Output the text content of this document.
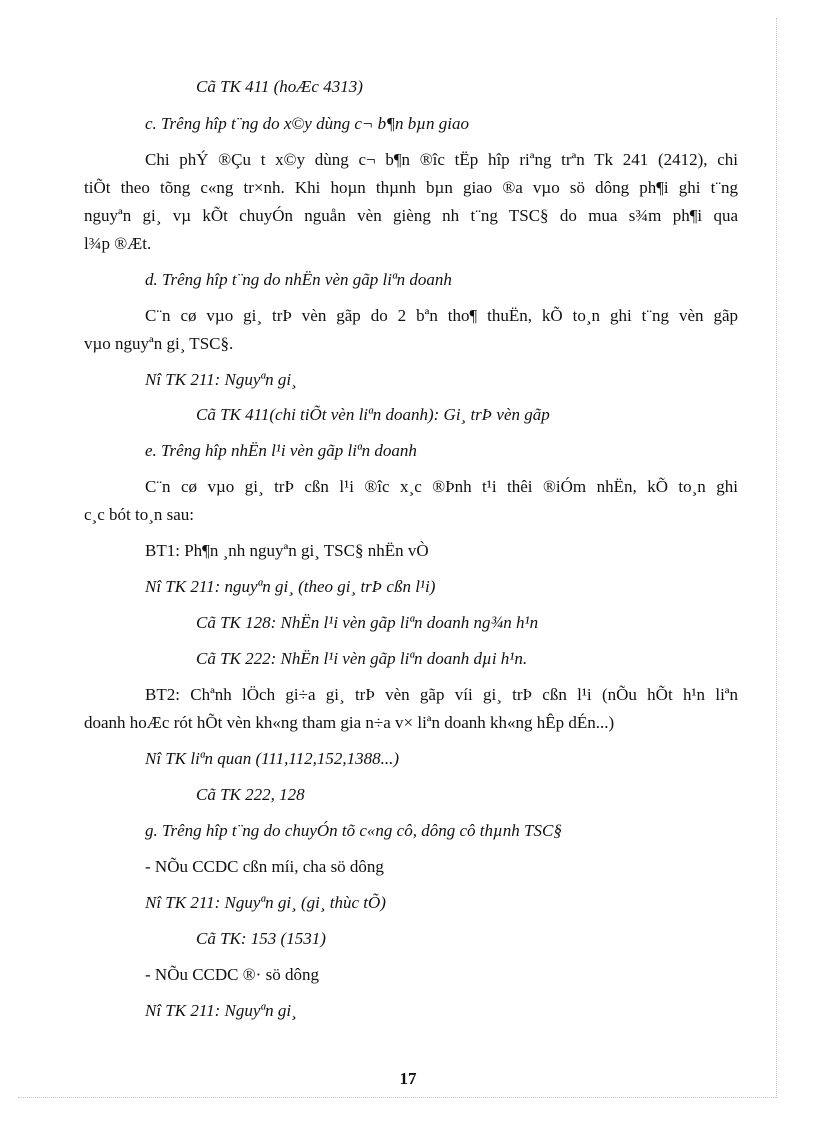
Cã TK 411 (hoÆc 4313)
c. Trêng hîp t¨ng do x©y dùng c¬ b¶n bµn giao
Chi phÝ ®Çu t x©y dùng c¬ b¶n ®îc tËp hîp riªng trªn Tk 241 (2412), chi
tiÕt theo tõng c«ng tr×nh. Khi hoµn thµnh bµn giao ®a vµo sö dông ph¶i ghi t¨ng
nguyªn gi¸ vµ kÕt chuyÓn nguån vèn gièng nh t¨ng TSC§ do mua s¾m ph¶i qua
l¾p ®Æt.
d. Trêng hîp t¨ng do nhËn vèn gãp liªn doanh
C¨n cø vµo gi¸ trÞ vèn gãp do 2 bªn tho¶ thuËn, kÕ to¸n ghi t¨ng vèn gãp
vµo nguyªn gi¸ TSC§.
Nî TK 211: Nguyªn gi¸
Cã TK 411(chi tiÕt vèn liªn doanh): Gi¸ trÞ vèn gãp
e. Trêng hîp nhËn l¹i vèn gãp liªn doanh
C¨n cø vµo gi¸ trÞ cßn l¹i ®îc x¸c ®Þnh t¹i thêi ®iÓm nhËn, kÕ to¸n ghi
c¸c bót to¸n sau:
BT1: Ph¶n ¸nh nguyªn gi¸ TSC§ nhËn vÒ
Nî TK 211: nguyªn gi¸ (theo gi¸ trÞ cßn l¹i)
Cã TK 128: NhËn l¹i vèn gãp liªn doanh ng¾n h¹n
Cã TK 222: NhËn l¹i vèn gãp liªn doanh dµi h¹n.
BT2: Chªnh lÖch gi÷a gi¸ trÞ vèn gãp víi gi¸ trÞ cßn l¹i (nÕu hÕt h¹n liªn
doanh hoÆc rót hÕt vèn kh«ng tham gia n÷a v× liªn doanh kh«ng hÊp dÉn...)
Nî TK liªn quan (111,112,152,1388...)
Cã TK 222, 128
g. Trêng hîp t¨ng do chuyÓn tõ c«ng cô, dông cô thµnh TSC§
- NÕu CCDC cßn míi, cha sö dông
Nî TK 211: Nguyªn gi¸ (gi¸ thùc tÕ)
Cã TK: 153 (1531)
- NÕu CCDC ®· sö dông
Nî TK 211: Nguyªn gi¸
17
